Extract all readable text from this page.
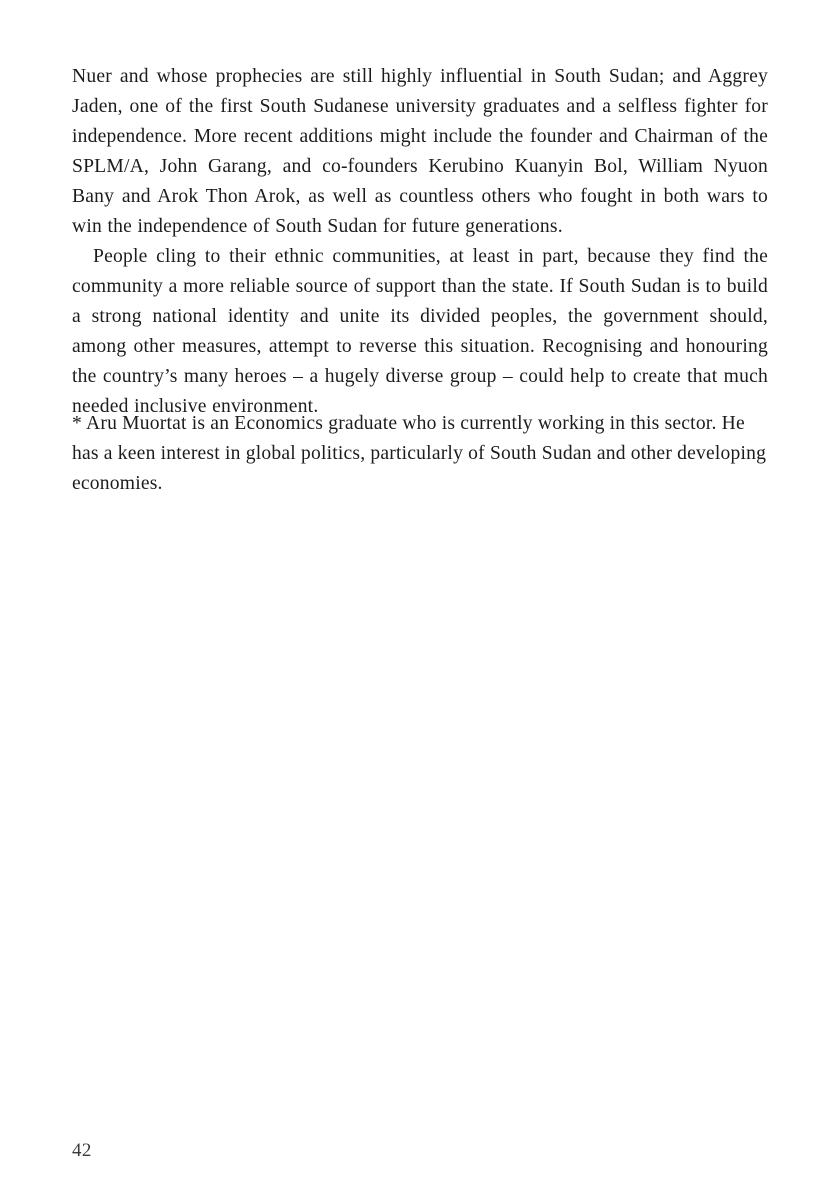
Nuer and whose prophecies are still highly influential in South Sudan; and Aggrey Jaden, one of the first South Sudanese university graduates and a selfless fighter for independence. More recent additions might include the founder and Chairman of the SPLM/A, John Garang, and co-founders Kerubino Kuanyin Bol, William Nyuon Bany and Arok Thon Arok, as well as countless others who fought in both wars to win the independence of South Sudan for future generations.

People cling to their ethnic communities, at least in part, because they find the community a more reliable source of support than the state. If South Sudan is to build a strong national identity and unite its divided peoples, the government should, among other measures, attempt to reverse this situation. Recognising and honouring the country’s many heroes – a hugely diverse group – could help to create that much needed inclusive environment.

* Aru Muortat is an Economics graduate who is currently working in this sector. He has a keen interest in global politics, particularly of South Sudan and other developing economies.

42
